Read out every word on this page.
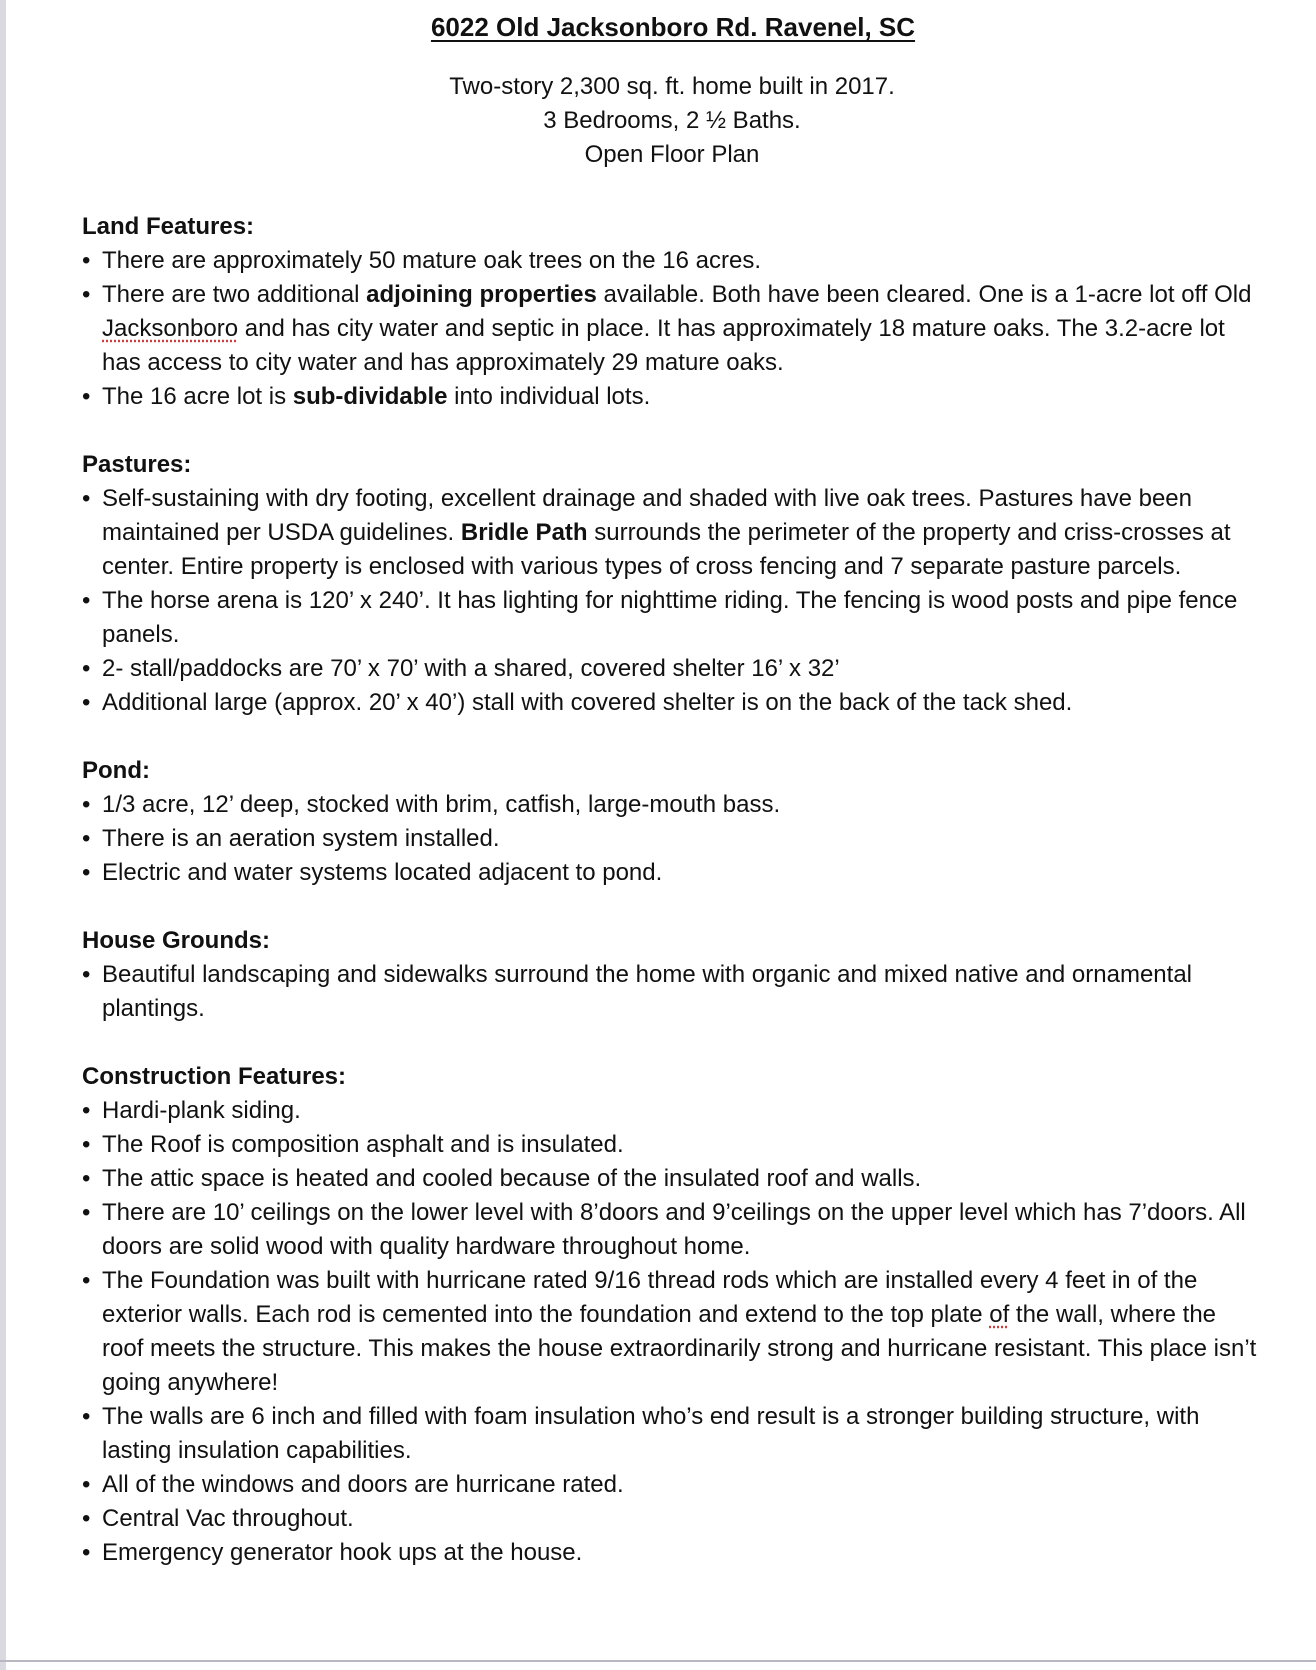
6022 Old Jacksonboro Rd. Ravenel, SC
Two-story 2,300 sq. ft. home built in 2017.
3 Bedrooms, 2 ½ Baths.
Open Floor Plan
Land Features:
• There are approximately 50 mature oak trees on the 16 acres.
• There are two additional adjoining properties available. Both have been cleared. One is a 1-acre lot off Old Jacksonboro and has city water and septic in place. It has approximately 18 mature oaks. The 3.2-acre lot has access to city water and has approximately 29 mature oaks.
• The 16 acre lot is sub-dividable into individual lots.
Pastures:
• Self-sustaining with dry footing, excellent drainage and shaded with live oak trees. Pastures have been maintained per USDA guidelines. Bridle Path surrounds the perimeter of the property and criss-crosses at center. Entire property is enclosed with various types of cross fencing and 7 separate pasture parcels.
• The horse arena is 120’ x 240’. It has lighting for nighttime riding. The fencing is wood posts and pipe fence panels.
• 2- stall/paddocks are 70’ x 70’ with a shared, covered shelter 16’ x 32’
• Additional large (approx. 20’ x 40’) stall with covered shelter is on the back of the tack shed.
Pond:
• 1/3 acre, 12’ deep, stocked with brim, catfish, large-mouth bass.
• There is an aeration system installed.
• Electric and water systems located adjacent to pond.
House Grounds:
• Beautiful landscaping and sidewalks surround the home with organic and mixed native and ornamental plantings.
Construction Features:
• Hardi-plank siding.
• The Roof is composition asphalt and is insulated.
• The attic space is heated and cooled because of the insulated roof and walls.
• There are 10’ ceilings on the lower level with 8’doors and 9’ceilings on the upper level which has 7’doors. All doors are solid wood with quality hardware throughout home.
• The Foundation was built with hurricane rated 9/16 thread rods which are installed every 4 feet in of the exterior walls. Each rod is cemented into the foundation and extend to the top plate of the wall, where the roof meets the structure. This makes the house extraordinarily strong and hurricane resistant. This place isn’t going anywhere!
• The walls are 6 inch and filled with foam insulation who’s end result is a stronger building structure, with lasting insulation capabilities.
• All of the windows and doors are hurricane rated.
• Central Vac throughout.
• Emergency generator hook ups at the house.
